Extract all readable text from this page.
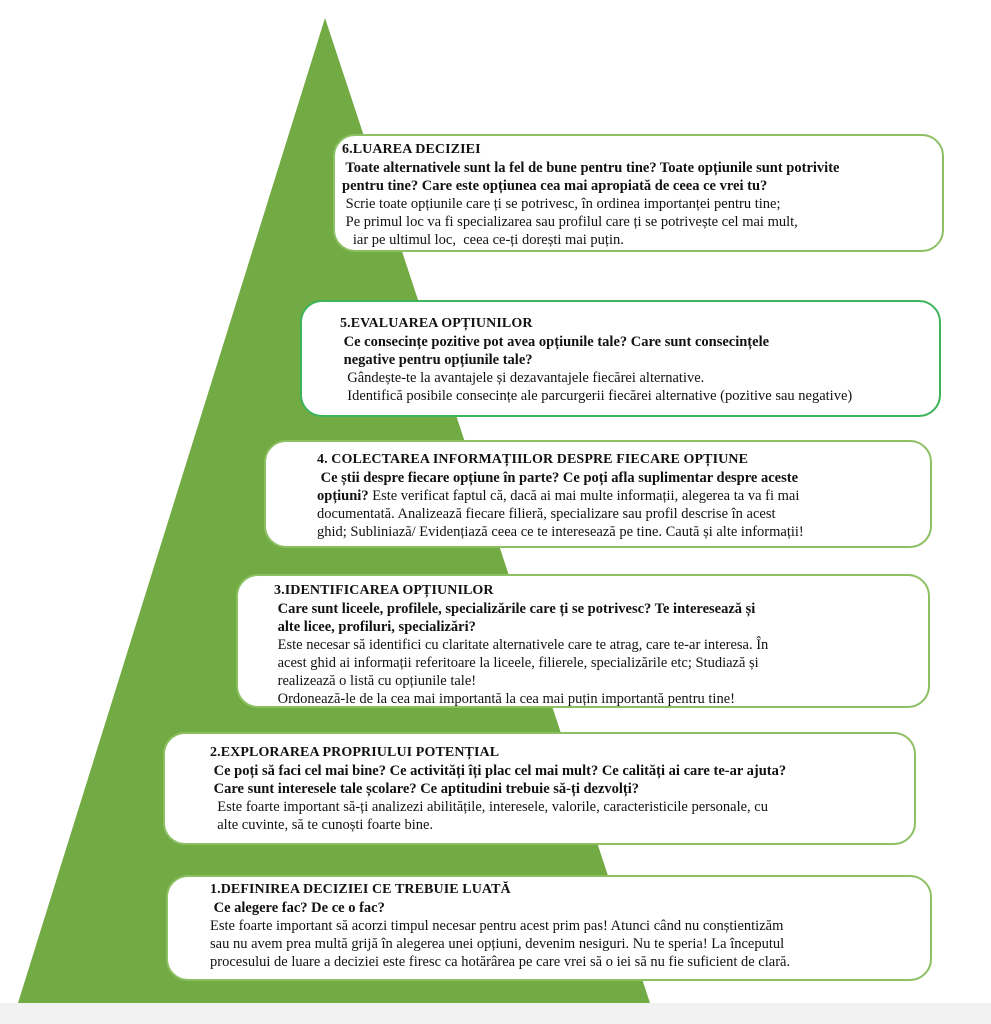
6.LUAREA DECIZIEI
Toate alternativele sunt la fel de bune pentru tine? Toate opțiunile sunt potrivite
pentru tine? Care este opțiunea cea mai apropiată de ceea ce vrei tu?
Scrie toate opțiunile care ți se potrivesc, în ordinea importanței pentru tine;
Pe primul loc va fi specializarea sau profilul care ți se potrivește cel mai mult,
iar pe ultimul loc,  ceea ce-ți dorești mai puțin.
5.EVALUAREA OPȚIUNILOR
Ce consecințe pozitive pot avea opțiunile tale? Care sunt consecințele
negative pentru opțiunile tale?
Gândește-te la avantajele și dezavantajele fiecărei alternative.
Identifică posibile consecințe ale parcurgerii fiecărei alternative (pozitive sau negative)
4. COLECTAREA INFORMAȚIILOR DESPRE FIECARE OPȚIUNE
Ce știi despre fiecare opțiune în parte? Ce poți afla suplimentar despre aceste
opțiuni? Este verificat faptul că, dacă ai mai multe informații, alegerea ta va fi mai
documentată. Analizează fiecare filieră, specializare sau profil descrise în acest
ghid; Subliniază/ Evidențiază ceea ce te interesează pe tine. Caută și alte informații!
3.IDENTIFICAREA OPȚIUNILOR
Care sunt liceele, profilele, specializările care ți se potrivesc? Te interesează și
alte licee, profiluri, specializări?
Este necesar să identifici cu claritate alternativele care te atrag, care te-ar interesa. În
acest ghid ai informații referitoare la liceele, filierele, specializările etc; Studiază și
realizează o listă cu opțiunile tale!
Ordonează-le de la cea mai importantă la cea mai puțin importantă pentru tine!
2.EXPLORAREA PROPRIULUI POTENȚIAL
Ce poți să faci cel mai bine? Ce activități îți plac cel mai mult? Ce calități ai care te-ar ajuta?
Care sunt interesele tale școlare? Ce aptitudini trebuie să-ți dezvolți?
Este foarte important să-ți analizezi abilitățile, interesele, valorile, caracteristicile personale, cu
alte cuvinte, să te cunoști foarte bine.
1.DEFINIREA DECIZIEI CE TREBUIE LUATĂ
Ce alegere fac? De ce o fac?
Este foarte important să acorzi timpul necesar pentru acest prim pas! Atunci când nu conștientizăm
sau nu avem prea multă grijă în alegerea unei opțiuni, devenim nesiguri. Nu te speria! La începutul
procesului de luare a deciziei este firesc ca hotărârea pe care vrei să o iei să nu fie suficient de clară.
